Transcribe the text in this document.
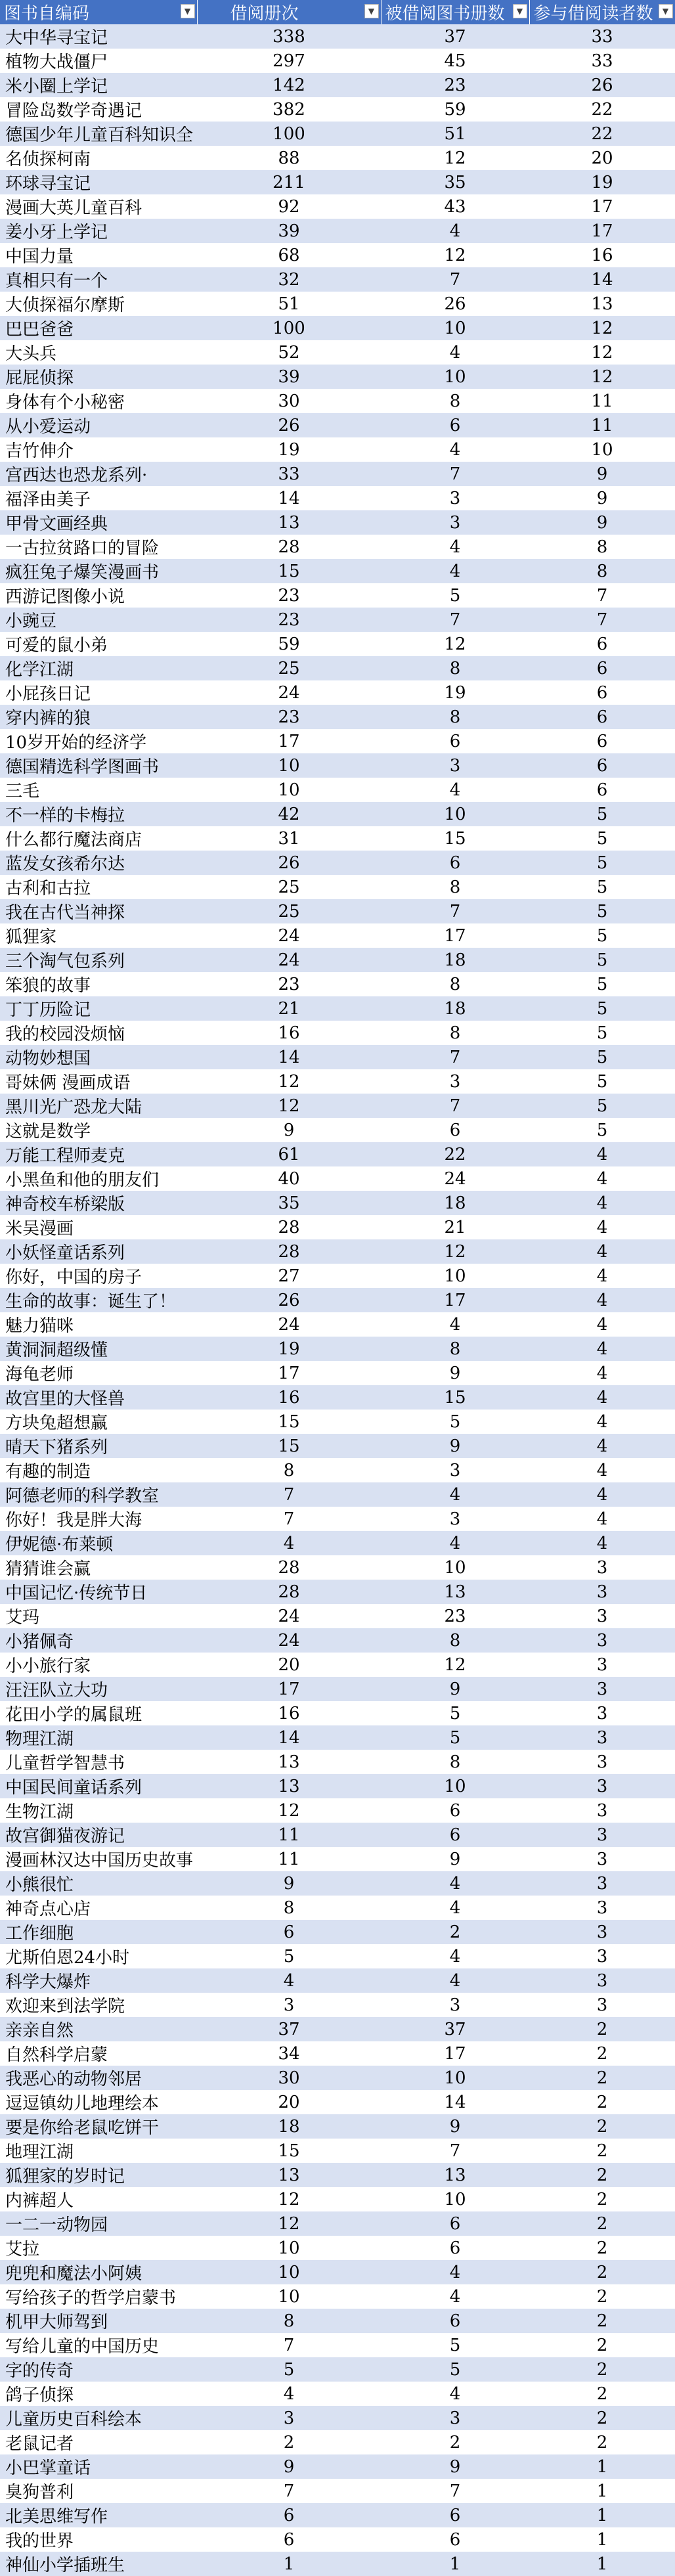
图书自编码 ▼	借阅册次 ▼	被借阅图书册数 ▼	参与借阅读者数 ▼

大中华寻宝记	338	37	33
植物大战僵尸	297	45	33
米小圈上学记	142	23	26
冒险岛数学奇遇记	382	59	22
德国少年儿童百科知识全	100	51	22
名侦探柯南	88	12	20
环球寻宝记	211	35	19
漫画大英儿童百科	92	43	17
姜小牙上学记	39	4	17
中国力量	68	12	16
真相只有一个	32	7	14
大侦探福尔摩斯	51	26	13
巴巴爸爸	100	10	12
大头兵	52	4	12
屁屁侦探	39	10	12
身体有个小秘密	30	8	11
从小爱运动	26	6	11
吉竹伸介	19	4	10
宫西达也恐龙系列·	33	7	9
福泽由美子	14	3	9
甲骨文画经典	13	3	9
一古拉贫路口的冒险	28	4	8
疯狂兔子爆笑漫画书	15	4	8
西游记图像小说	23	5	7
小豌豆	23	7	7
可爱的鼠小弟	59	12	6
化学江湖	25	8	6
小屁孩日记	24	19	6
穿内裤的狼	23	8	6
10岁开始的经济学	17	6	6
德国精选科学图画书	10	3	6
三毛	10	4	6
不一样的卡梅拉	42	10	5
什么都行魔法商店	31	15	5
蓝发女孩希尔达	26	6	5
古利和古拉	25	8	5
我在古代当神探	25	7	5
狐狸家	24	17	5
三个淘气包系列	24	18	5
笨狼的故事	23	8	5
丁丁历险记	21	18	5
我的校园没烦恼	16	8	5
动物妙想国	14	7	5
哥妹俩 漫画成语	12	3	5
黑川光广恐龙大陆	12	7	5
这就是数学	9	6	5
万能工程师麦克	61	22	4
小黑鱼和他的朋友们	40	24	4
神奇校车桥梁版	35	18	4
米吴漫画	28	21	4
小妖怪童话系列	28	12	4
你好，中国的房子	27	10	4
生命的故事：诞生了！	26	17	4
魅力猫咪	24	4	4
黄洞洞超级懂	19	8	4
海龟老师	17	9	4
故宫里的大怪兽	16	15	4
方块兔超想赢	15	5	4
晴天下猪系列	15	9	4
有趣的制造	8	3	4
阿德老师的科学教室	7	4	4
你好！我是胖大海	7	3	4
伊妮德·布莱顿	4	4	4
猜猜谁会赢	28	10	3
中国记忆·传统节日	28	13	3
艾玛	24	23	3
小猪佩奇	24	8	3
小小旅行家	20	12	3
汪汪队立大功	17	9	3
花田小学的属鼠班	16	5	3
物理江湖	14	5	3
儿童哲学智慧书	13	8	3
中国民间童话系列	13	10	3
生物江湖	12	6	3
故宫御猫夜游记	11	6	3
漫画林汉达中国历史故事	11	9	3
小熊很忙	9	4	3
神奇点心店	8	4	3
工作细胞	6	2	3
尤斯伯恩24小时	5	4	3
科学大爆炸	4	4	3
欢迎来到法学院	3	3	3
亲亲自然	37	37	2
自然科学启蒙	34	17	2
我恶心的动物邻居	30	10	2
逗逗镇幼儿地理绘本	20	14	2
要是你给老鼠吃饼干	18	9	2
地理江湖	15	7	2
狐狸家的岁时记	13	13	2
内裤超人	12	10	2
一二一动物园	12	6	2
艾拉	10	6	2
兜兜和魔法小阿姨	10	4	2
写给孩子的哲学启蒙书	10	4	2
机甲大师驾到	8	6	2
写给儿童的中国历史	7	5	2
字的传奇	5	5	2
鸽子侦探	4	4	2
儿童历史百科绘本	3	3	2
老鼠记者	2	2	2
小巴掌童话	9	9	1
臭狗普利	7	7	1
北美思维写作	6	6	1
我的世界	6	6	1
神仙小学插班生	1	1	1
